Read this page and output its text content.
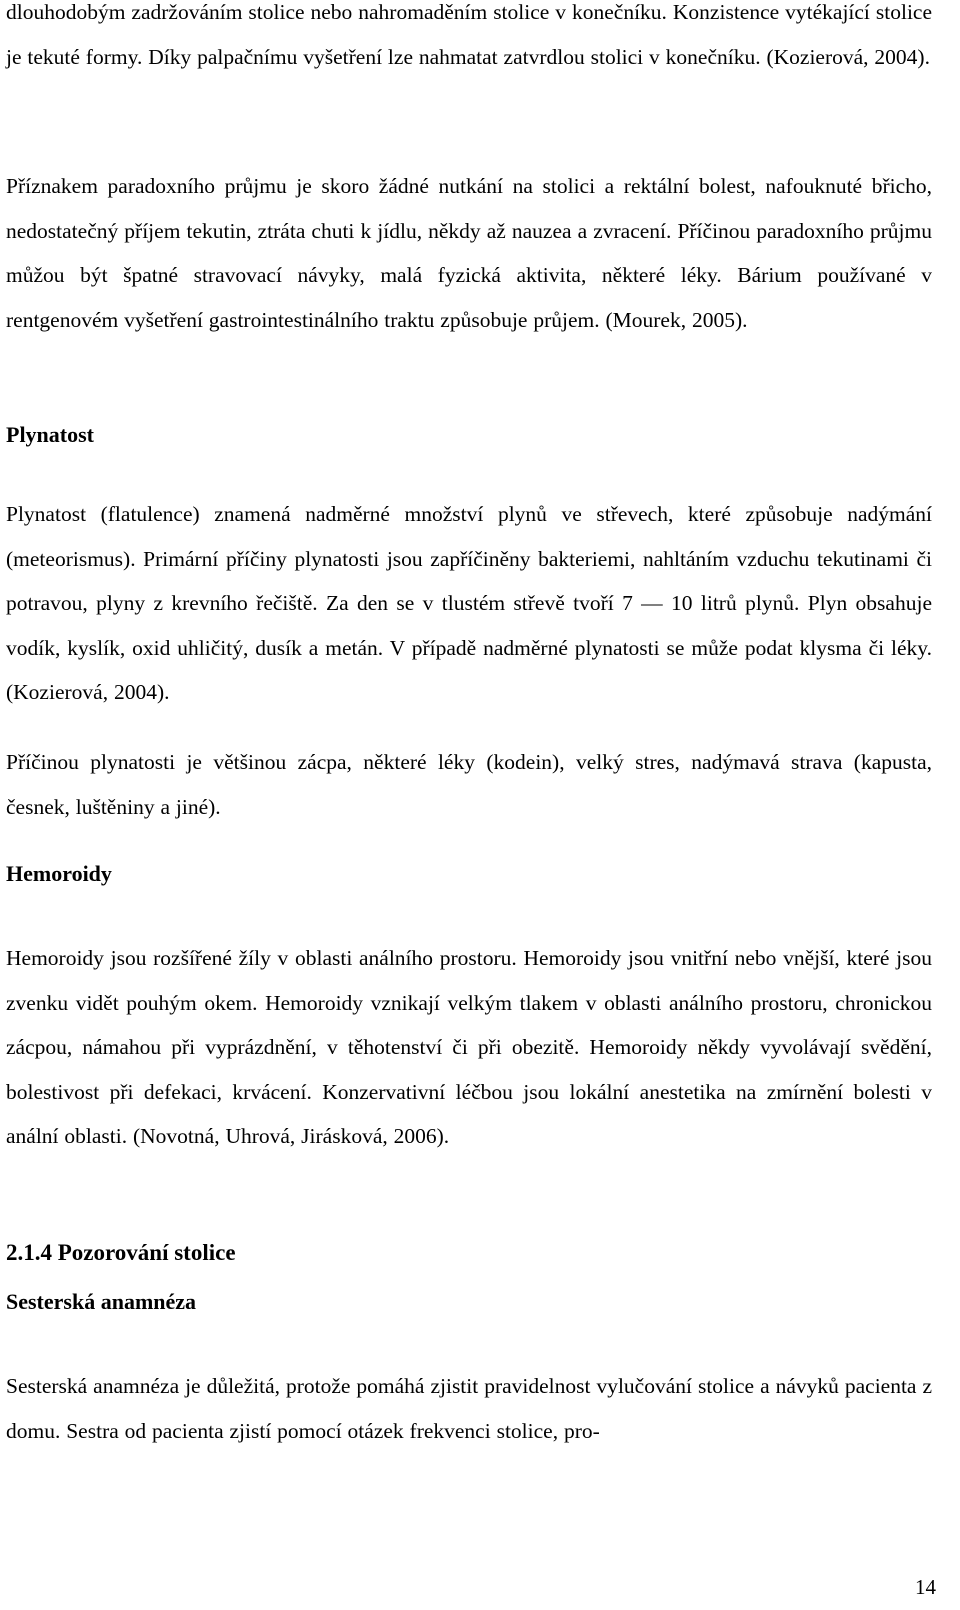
dlouhodobým zadržováním stolice nebo nahromaděním stolice v konečníku. Konzistence vytékající stolice je tekuté formy. Díky palpačnímu vyšetření lze nahmatat zatvrdlou stolici v konečníku. (Kozierová, 2004).

Příznakem paradoxního průjmu je skoro žádné nutkání na stolici a rektální bolest, nafouknuté břicho, nedostatečný příjem tekutin, ztráta chuti k jídlu, někdy až nauzea a zvracení. Příčinou paradoxního průjmu můžou být špatné stravovací návyky, malá fyzická aktivita, některé léky. Bárium používané v rentgenovém vyšetření gastrointestinálního traktu způsobuje průjem. (Mourek, 2005).

Plynatost

Plynatost (flatulence) znamená nadměrné množství plynů ve střevech, které způsobuje nadýmání (meteorismus). Primární příčiny plynatosti jsou zapříčiněny bakteriemi, nahltáním vzduchu tekutinami či potravou, plyny z krevního řečiště. Za den se v tlustém střevě tvoří 7 — 10 litrů plynů. Plyn obsahuje vodík, kyslík, oxid uhličitý, dusík a metán. V případě nadměrné plynatosti se může podat klysma či léky. (Kozierová, 2004).

Příčinou plynatosti je většinou zácpa, některé léky (kodein), velký stres, nadýmavá strava (kapusta, česnek, luštěniny a jiné).

Hemoroidy

Hemoroidy jsou rozšířené žíly v oblasti análního prostoru. Hemoroidy jsou vnitřní nebo vnější, které jsou zvenku vidět pouhým okem. Hemoroidy vznikají velkým tlakem v oblasti análního prostoru, chronickou zácpou, námahou při vyprázdnění, v těhotenství či při obezitě. Hemoroidy někdy vyvolávají svědění, bolestivost při defekaci, krvácení. Konzervativní léčbou jsou lokální anestetika na zmírnění bolesti v anální oblasti. (Novotná, Uhrová, Jirásková, 2006).

2.1.4 Pozorování stolice
Sesterská anamnéza

Sesterská anamnéza je důležitá, protože pomáhá zjistit pravidelnost vylučování stolice a návyků pacienta z domu. Sestra od pacienta zjistí pomocí otázek frekvenci stolice, pro-

14
